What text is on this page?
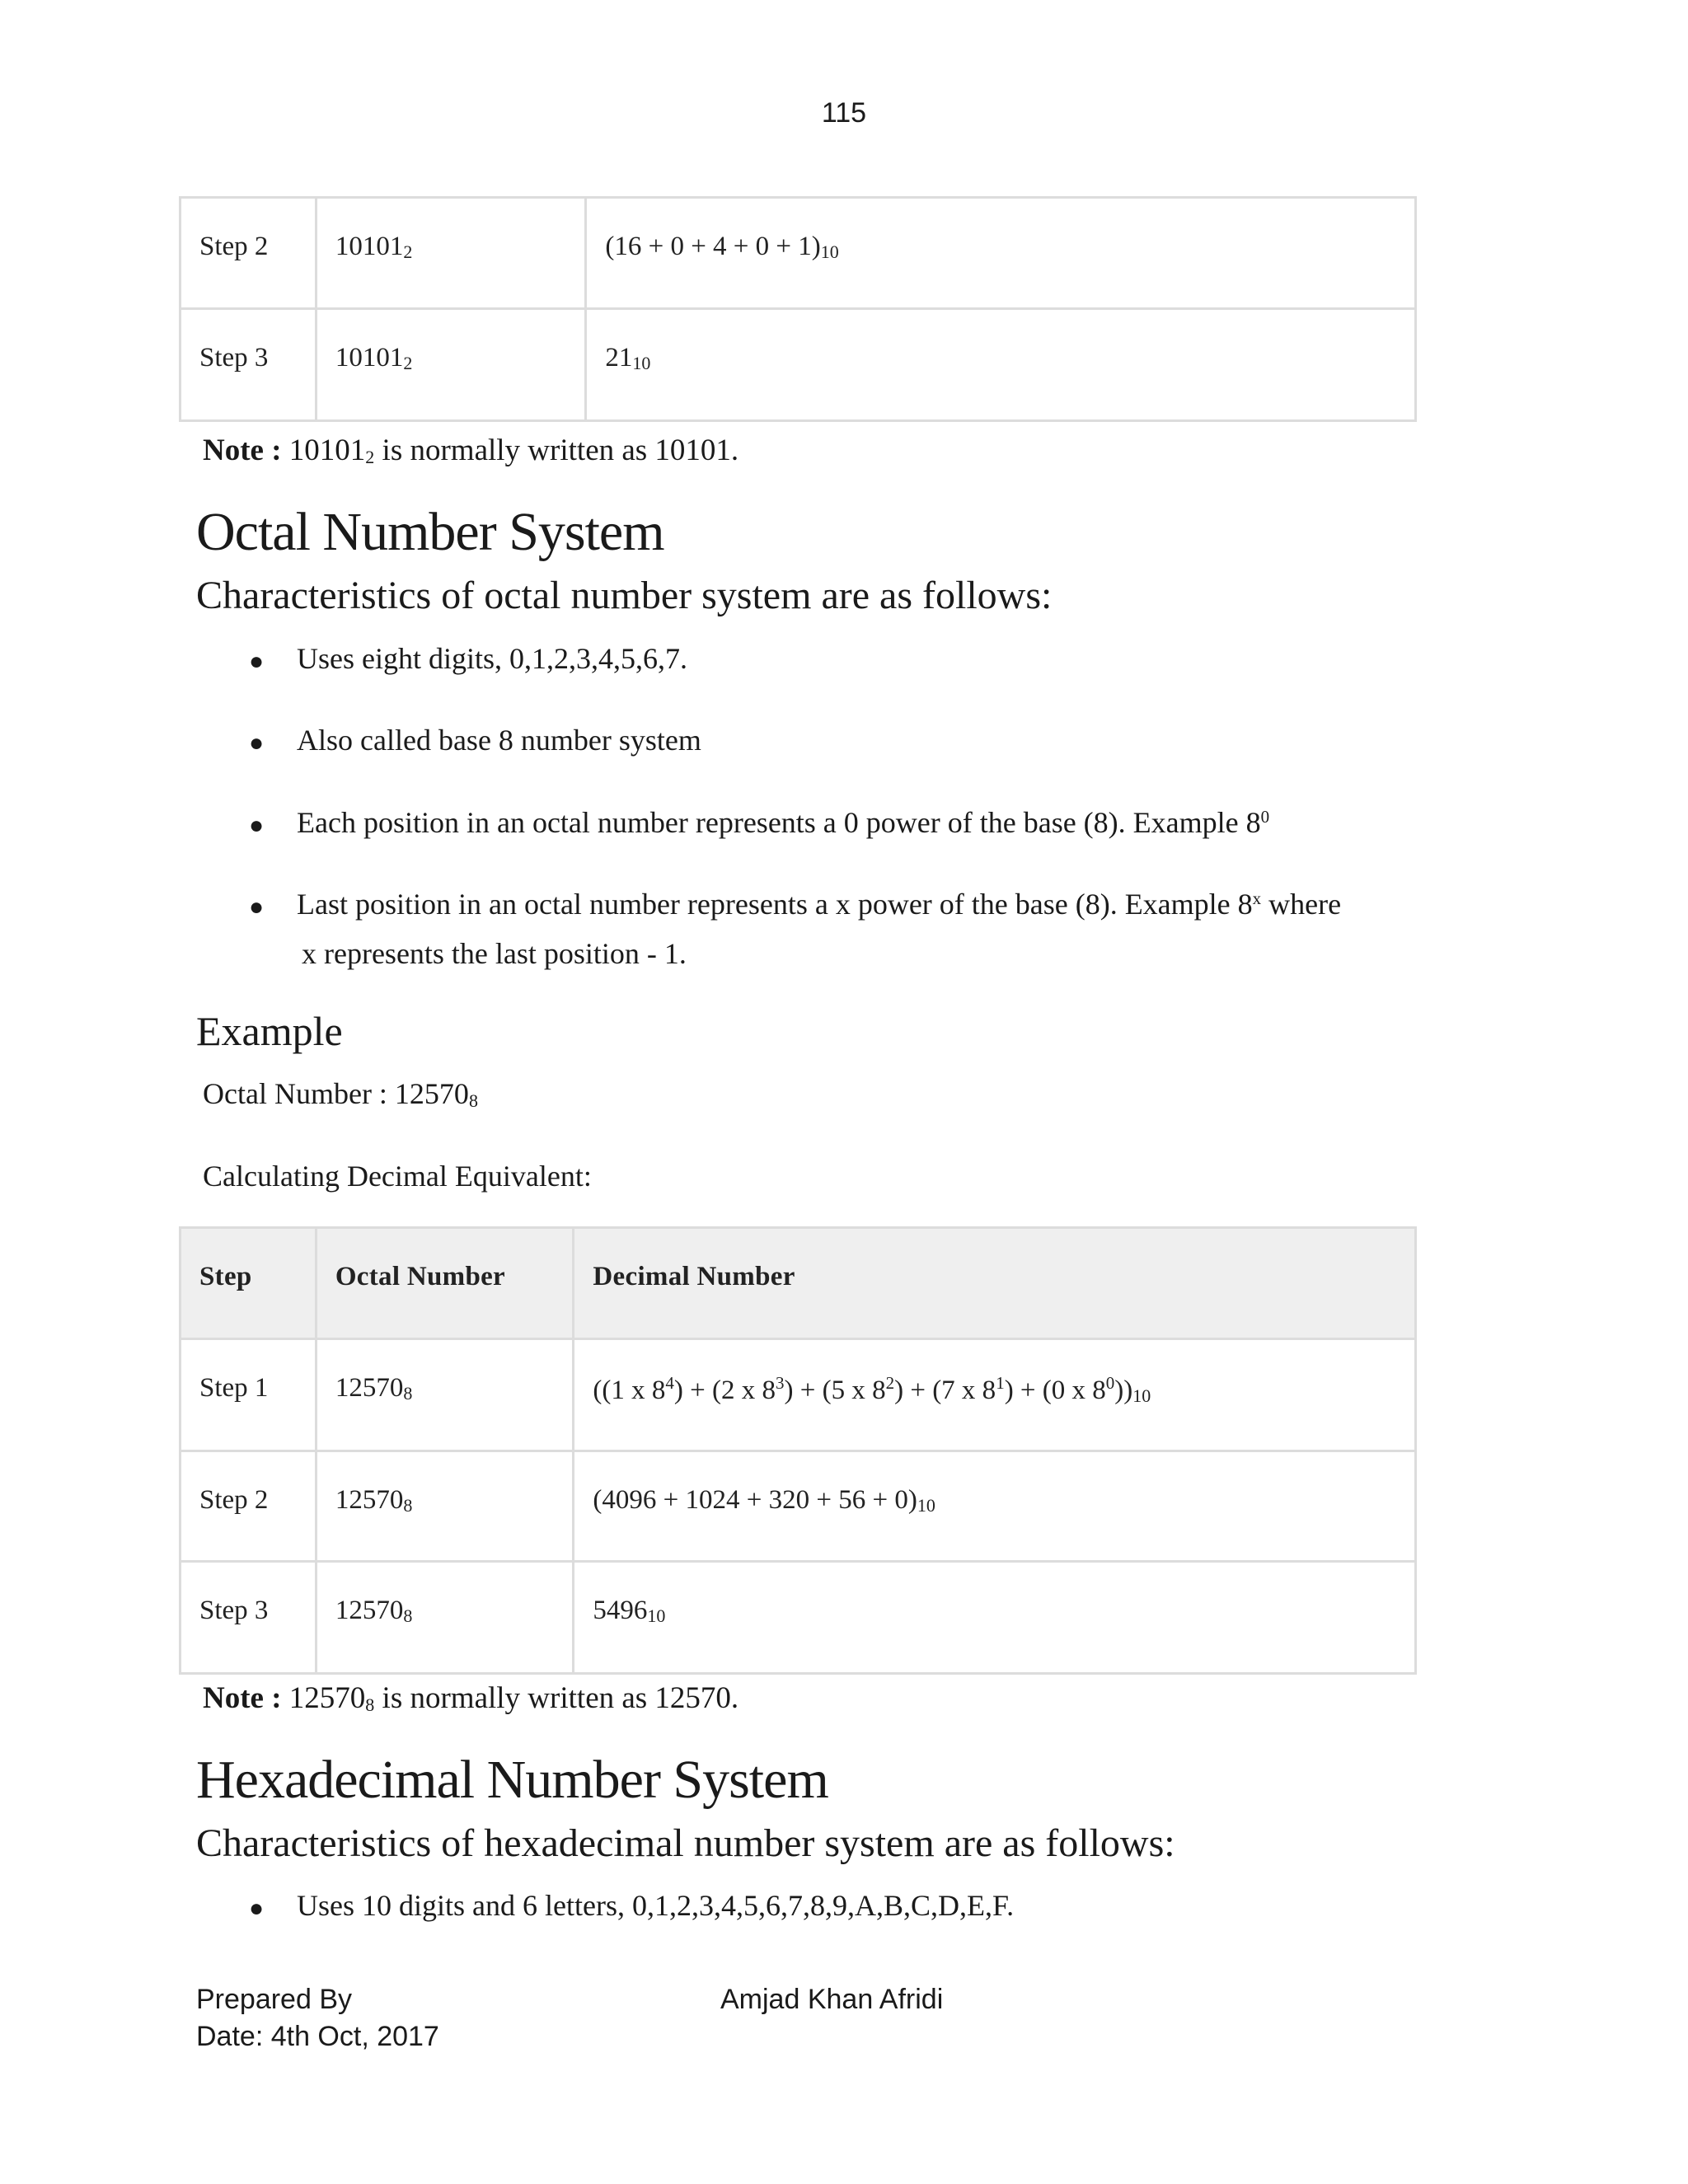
115
Step 2	101012	(16 + 0 + 4 + 0 + 1)10
Step 3	101012	2110
Note : 101012 is normally written as 10101.
Octal Number System
Characteristics of octal number system are as follows:
● Uses eight digits, 0,1,2,3,4,5,6,7.
● Also called base 8 number system
● Each position in an octal number represents a 0 power of the base (8). Example $8^0$
● Last position in an octal number represents a x power of the base (8). Example 8$^x$ where
x represents the last position - 1.
Example
Octal Number : 125708
Calculating Decimal Equivalent:
Step	Octal Number	Decimal Number
Step 1	125708	((1 x $8^4) + (2$ x $8^3) + (5$ x $8^2) + (7$ x $8^1) + (0$ x $8^0))10$
Step 2	125708	(4096 + 1024 + 320 + 56 + 0)10
Step 3	125708	549610
Note : 125708 is normally written as 12570.
Hexadecimal Number System
Characteristics of hexadecimal number system are as follows:
● Uses 10 digits and 6 letters, 0,1,2,3,4,5,6,7,8,9,A,B,C,D,E,F.
Prepared By
Date: 4th Oct, 2017
Amjad Khan Afridi
